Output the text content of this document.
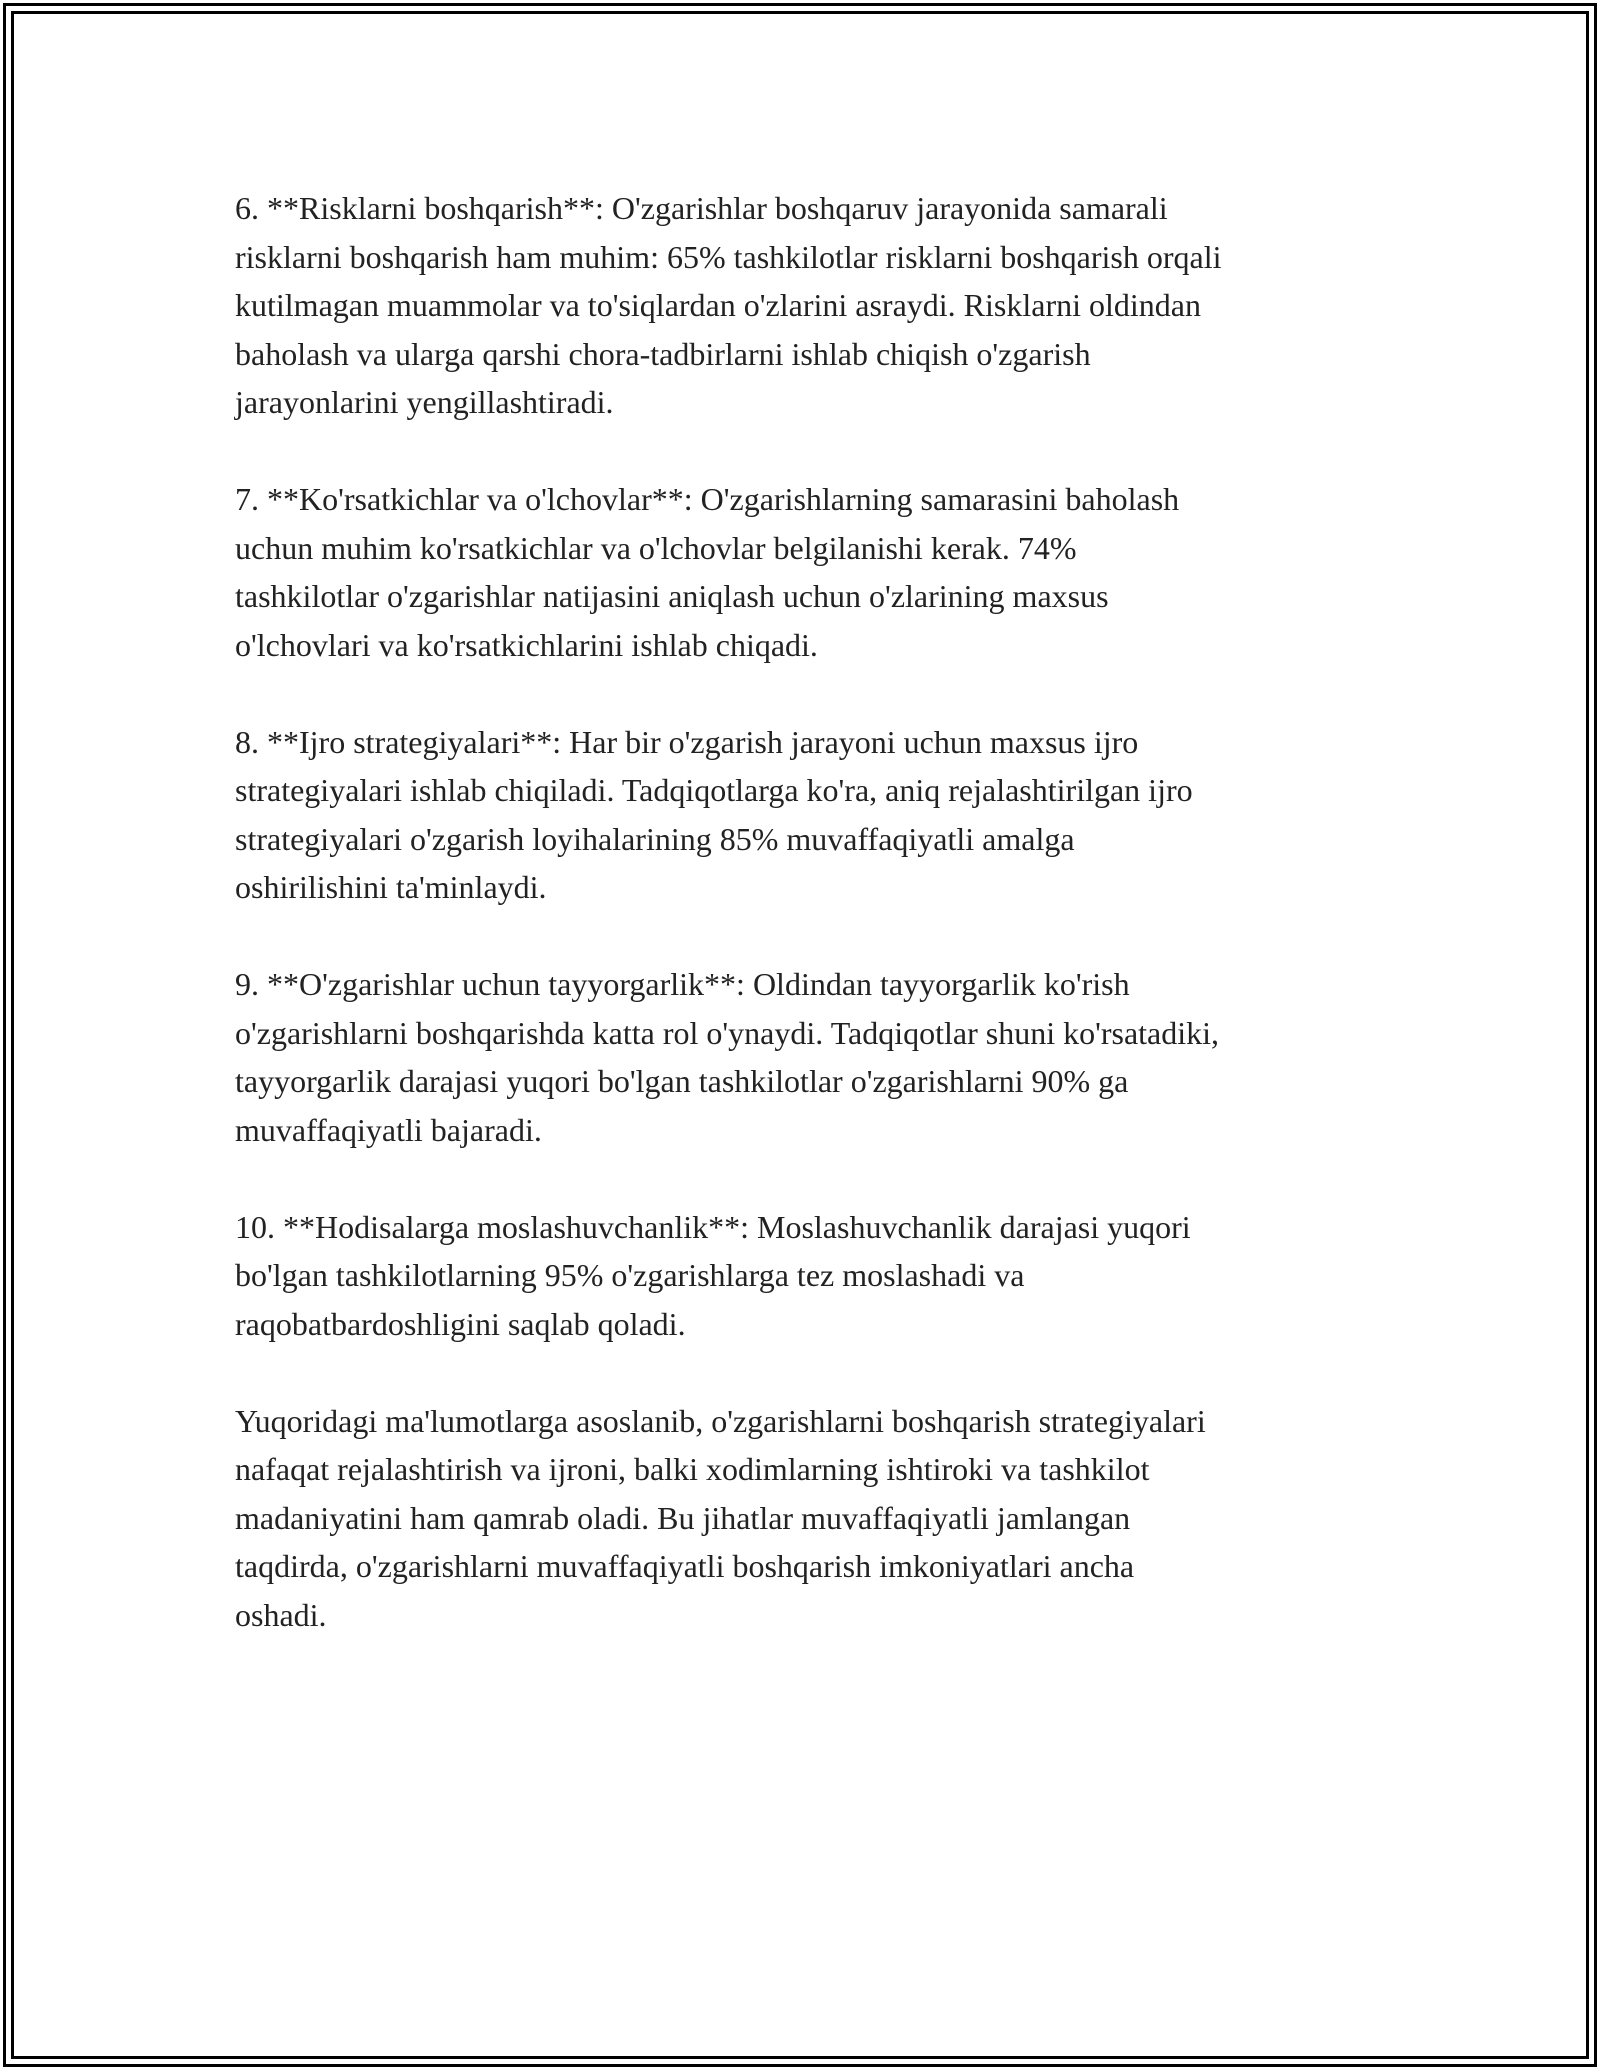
6. **Risklarni boshqarish**: O'zgarishlar boshqaruv jarayonida samarali
risklarni boshqarish ham muhim: 65% tashkilotlar risklarni boshqarish orqali
kutilmagan muammolar va to'siqlardan o'zlarini asraydi. Risklarni oldindan
baholash va ularga qarshi chora-tadbirlarni ishlab chiqish o'zgarish
jarayonlarini yengillashtiradi.

7. **Ko'rsatkichlar va o'lchovlar**: O'zgarishlarning samarasini baholash
uchun muhim ko'rsatkichlar va o'lchovlar belgilanishi kerak. 74%
tashkilotlar o'zgarishlar natijasini aniqlash uchun o'zlarining maxsus
o'lchovlari va ko'rsatkichlarini ishlab chiqadi.

8. **Ijro strategiyalari**: Har bir o'zgarish jarayoni uchun maxsus ijro
strategiyalari ishlab chiqiladi. Tadqiqotlarga ko'ra, aniq rejalashtirilgan ijro
strategiyalari o'zgarish loyihalarining 85% muvaffaqiyatli amalga
oshirilishini ta'minlaydi.

9. **O'zgarishlar uchun tayyorgarlik**: Oldindan tayyorgarlik ko'rish
o'zgarishlarni boshqarishda katta rol o'ynaydi. Tadqiqotlar shuni ko'rsatadiki,
tayyorgarlik darajasi yuqori bo'lgan tashkilotlar o'zgarishlarni 90% ga
muvaffaqiyatli bajaradi.

10. **Hodisalarga moslashuvchanlik**: Moslashuvchanlik darajasi yuqori
bo'lgan tashkilotlarning 95% o'zgarishlarga tez moslashadi va
raqobatbardoshligini saqlab qoladi.

Yuqoridagi ma'lumotlarga asoslanib, o'zgarishlarni boshqarish strategiyalari
nafaqat rejalashtirish va ijroni, balki xodimlarning ishtiroki va tashkilot
madaniyatini ham qamrab oladi. Bu jihatlar muvaffaqiyatli jamlangan
taqdirda, o'zgarishlarni muvaffaqiyatli boshqarish imkoniyatlari ancha
oshadi.
